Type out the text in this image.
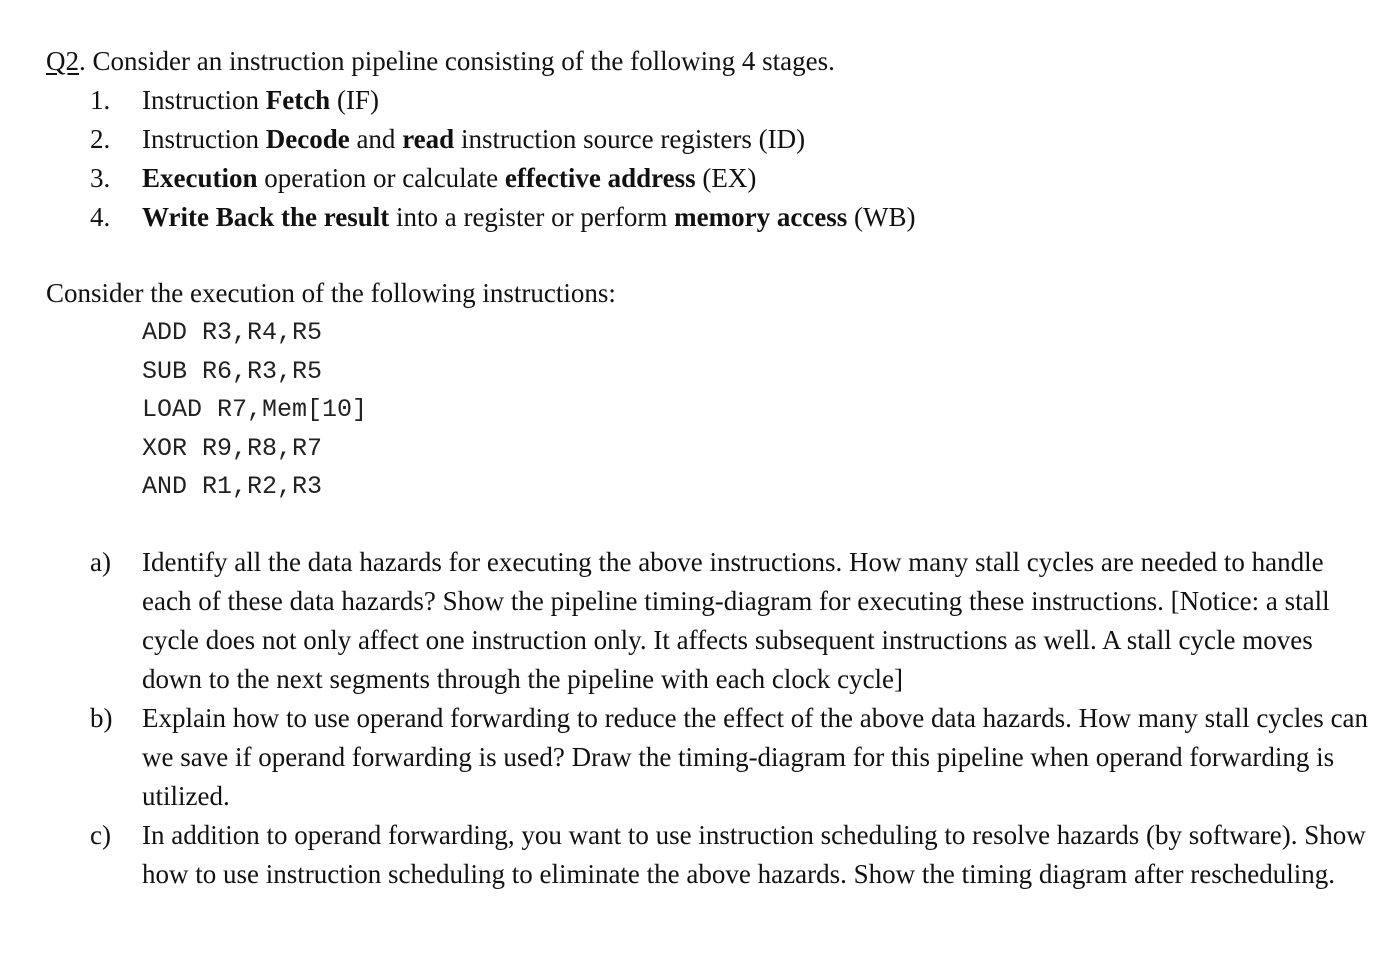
Q2. Consider an instruction pipeline consisting of the following 4 stages.
1.	Instruction Fetch (IF)
2.	Instruction Decode and read instruction source registers (ID)
3.	Execution operation or calculate effective address (EX)
4.	Write Back the result into a register or perform memory access (WB)
Consider the execution of the following instructions:
ADD R3,R4,R5
SUB R6,R3,R5
LOAD R7,Mem[10]
XOR R9,R8,R7
AND R1,R2,R3
a)	Identify all the data hazards for executing the above instructions. How many stall cycles are needed to handle each of these data hazards? Show the pipeline timing-diagram for executing these instructions. [Notice: a stall cycle does not only affect one instruction only. It affects subsequent instructions as well. A stall cycle moves down to the next segments through the pipeline with each clock cycle]
b)	Explain how to use operand forwarding to reduce the effect of the above data hazards. How many stall cycles can we save if operand forwarding is used? Draw the timing-diagram for this pipeline when operand forwarding is utilized.
c)	In addition to operand forwarding, you want to use instruction scheduling to resolve hazards (by software). Show how to use instruction scheduling to eliminate the above hazards. Show the timing diagram after rescheduling.
